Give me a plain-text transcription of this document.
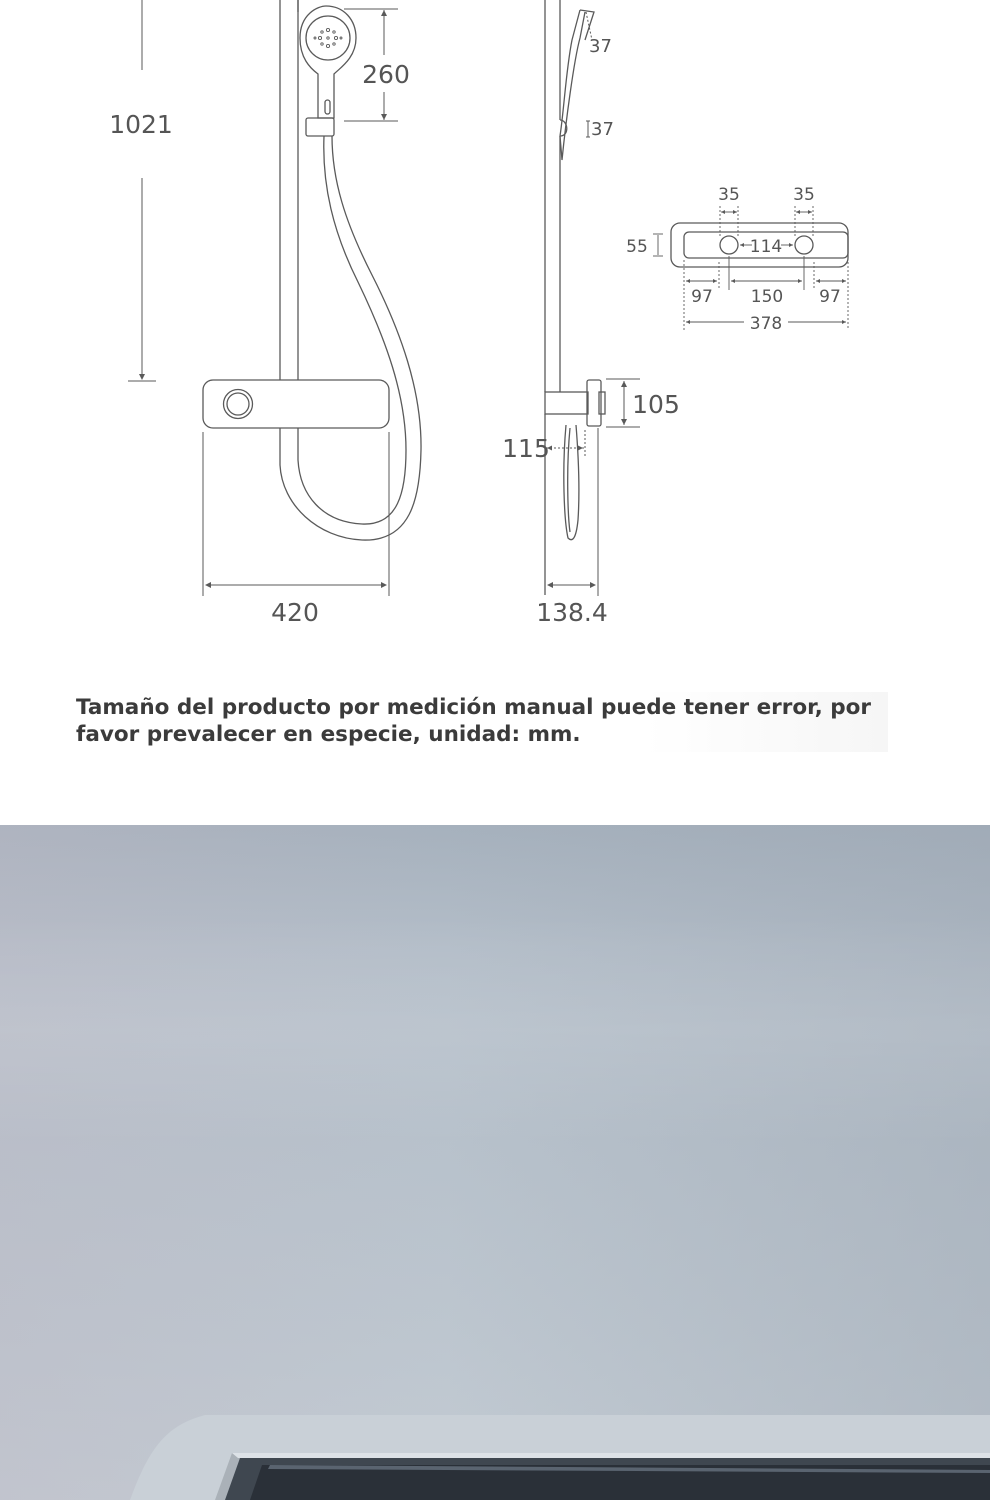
1021
260
37
37
55
35	35
114
97 150 97
378
105
115
420	138.4
Tamaño del producto por medición manual puede tener error, por
favor prevalecer en especie, unidad: mm.
